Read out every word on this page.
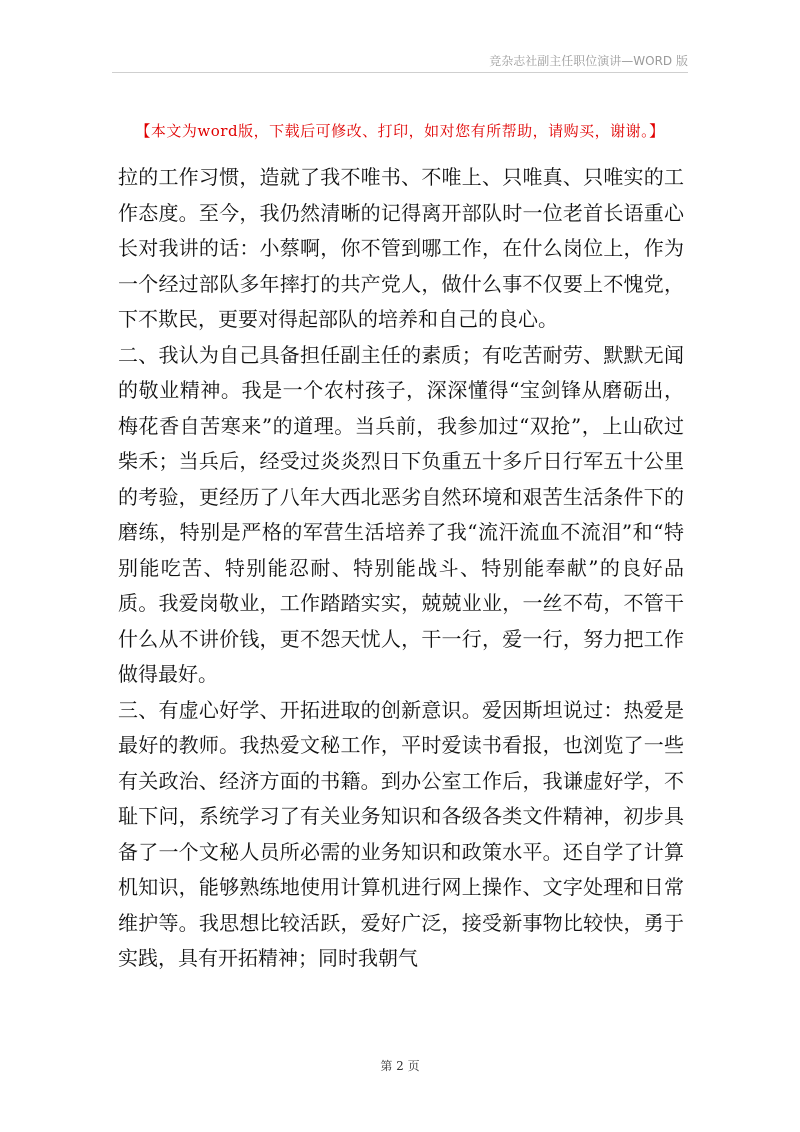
竞杂志社副主任职位演讲—WORD 版
【本文为word版，下载后可修改、打印，如对您有所帮助，请购买，谢谢。】

拉的工作习惯，造就了我不唯书、不唯上、只唯真、只唯实的工作态度。至今，我仍然清晰的记得离开部队时一位老首长语重心长对我讲的话：小蔡啊，你不管到哪工作，在什么岗位上，作为一个经过部队多年摔打的共产党人，做什么事不仅要上不愧党，下不欺民，更要对得起部队的培养和自己的良心。

二、我认为自己具备担任副主任的素质；有吃苦耐劳、默默无闻的敬业精神。我是一个农村孩子，深深懂得“宝剑锋从磨砺出，梅花香自苦寒来”的道理。当兵前，我参加过“双抢”，上山砍过柴禾；当兵后，经受过炎炎烈日下负重五十多斤日行军五十公里的考验，更经历了八年大西北恶劣自然环境和艰苦生活条件下的磨练，特别是严格的军营生活培养了我“流汗流血不流泪”和“特别能吃苦、特别能忍耐、特别能战斗、特别能奉献”的良好品质。我爱岗敬业，工作踏踏实实，兢兢业业，一丝不苟，不管干什么从不讲价钱，更不怨天忧人，干一行，爱一行，努力把工作做得最好。

三、有虚心好学、开拓进取的创新意识。爱因斯坦说过：热爱是最好的教师。我热爱文秘工作，平时爱读书看报，也浏览了一些有关政治、经济方面的书籍。到办公室工作后，我谦虚好学，不耻下问，系统学习了有关业务知识和各级各类文件精神，初步具备了一个文秘人员所必需的业务知识和政策水平。还自学了计算机知识，能够熟练地使用计算机进行网上操作、文字处理和日常维护等。我思想比较活跃，爱好广泛，接受新事物比较快，勇于实践，具有开拓精神；同时我朝气

第 2 页
